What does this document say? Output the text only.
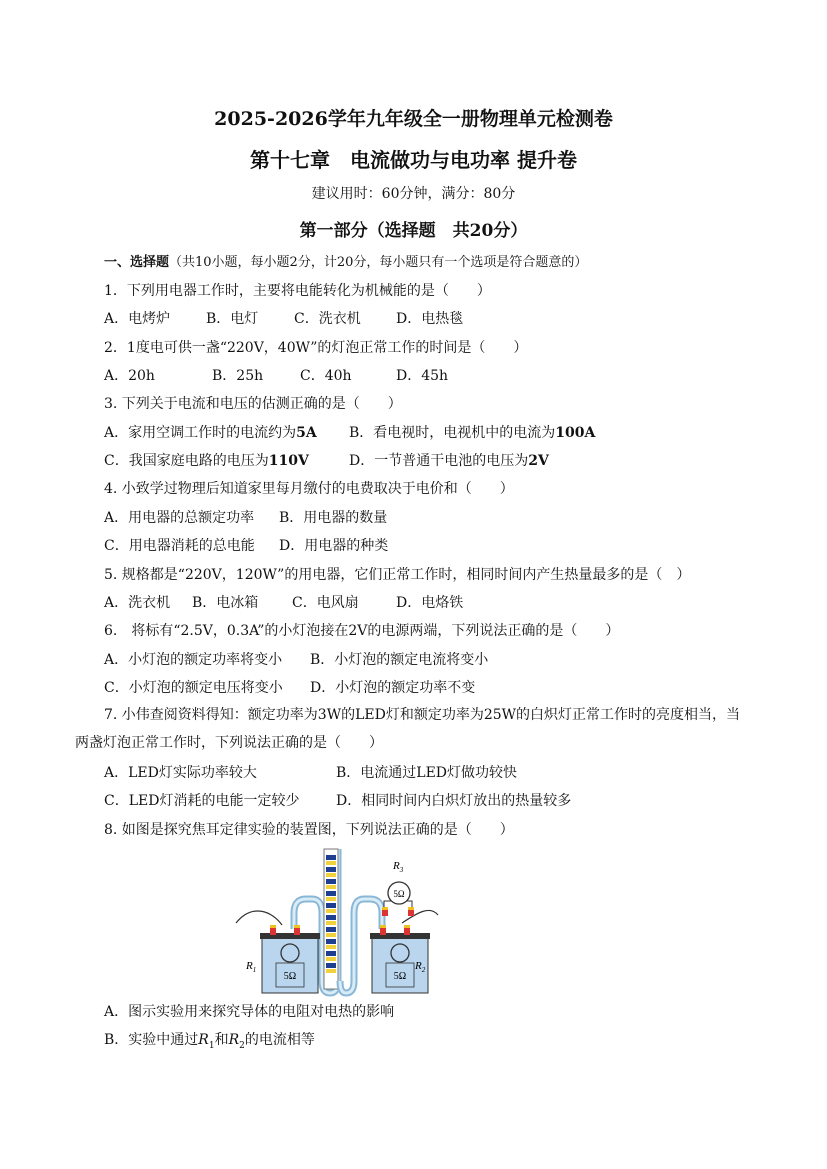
2025-2026学年九年级全一册物理单元检测卷
第十七章　电流做功与电功率 提升卷
建议用时：60分钟，满分：80分
第一部分（选择题　共20分）
一、选择题（共10小题，每小题2分，计20分，每小题只有一个选项是符合题意的）
1．下列用电器工作时，主要将电能转化为机械能的是（　　）
A．电烤炉	B．电灯	C．洗衣机	D．电热毯
2．1度电可供一盏“220V，40W”的灯泡正常工作的时间是（　　）
A．20h	B．25h	C．40h	D．45h
3. 下列关于电流和电压的估测正确的是（　　）
A．家用空调工作时的电流约为5A B．看电视时，电视机中的电流为100A
C．我国家庭电路的电压为110V	D．一节普通干电池的电压为2V
4. 小致学过物理后知道家里每月缴付的电费取决于电价和（　　）
A．用电器的总额定功率 B．用电器的数量
C．用电器消耗的总电能 D．用电器的种类
5. 规格都是“220V，120W”的用电器，它们正常工作时，相同时间内产生热量最多的是（　）
A．洗衣机 B．电冰箱 C．电风扇	D．电烙铁
6.　将标有“2.5V，0.3A”的小灯泡接在2V的电源两端，下列说法正确的是（　　）
A．小灯泡的额定功率将变小 B．小灯泡的额定电流将变小
C．小灯泡的额定电压将变小 D．小灯泡的额定功率不变
7. 小伟查阅资料得知：额定功率为3W的LED灯和额定功率为25W的白炽灯正常工作时的亮度相当，当两盏灯泡正常工作时，下列说法正确的是（　　）
A．LED灯实际功率较大	B．电流通过LED灯做功较快
C．LED灯消耗的电能一定较少	D．相同时间内白炽灯放出的热量较多
8. 如图是探究焦耳定律实验的装置图，下列说法正确的是（　　）
5Ω
$R_1$
5Ω
$R_2$
5Ω
$R_3$
A．图示实验用来探究导体的电阻对电热的影响
B．实验中通过$R_1$和$R_2$的电流相等
